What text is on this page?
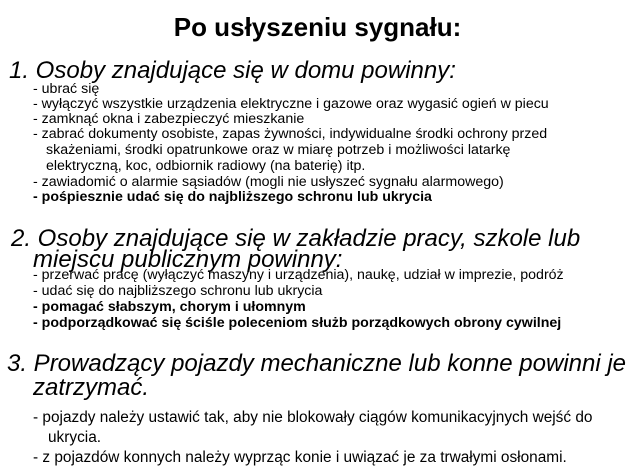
Po usłyszeniu sygnału:
1. Osoby znajdujące się w domu powinny:
- ubrać się
- wyłączyć wszystkie urządzenia elektryczne i gazowe oraz wygasić ogień w piecu
- zamknąć okna i zabezpieczyć mieszkanie
- zabrać dokumenty osobiste, zapas żywności, indywidualne środki ochrony przed
skażeniami, środki opatrunkowe oraz w miarę potrzeb i możliwości latarkę
elektryczną, koc, odbiornik radiowy (na baterię) itp.
- zawiadomić o alarmie sąsiadów (mogli nie usłyszeć sygnału alarmowego)
- pośpiesznie udać się do najbliższego schronu lub ukrycia
2. Osoby znajdujące się w zakładzie pracy, szkole lub
miejscu publicznym powinny:
- przerwać pracę (wyłączyć maszyny i urządzenia), naukę, udział w imprezie, podróż
- udać się do najbliższego schronu lub ukrycia
- pomagać słabszym, chorym i ułomnym
- podporządkować się ściśle poleceniom służb porządkowych obrony cywilnej
3. Prowadzący pojazdy mechaniczne lub konne powinni je
zatrzymać.
- pojazdy należy ustawić tak, aby nie blokowały ciągów komunikacyjnych wejść do
ukrycia.
- z pojazdów konnych należy wyprząc konie i uwiązać je za trwałymi osłonami.
